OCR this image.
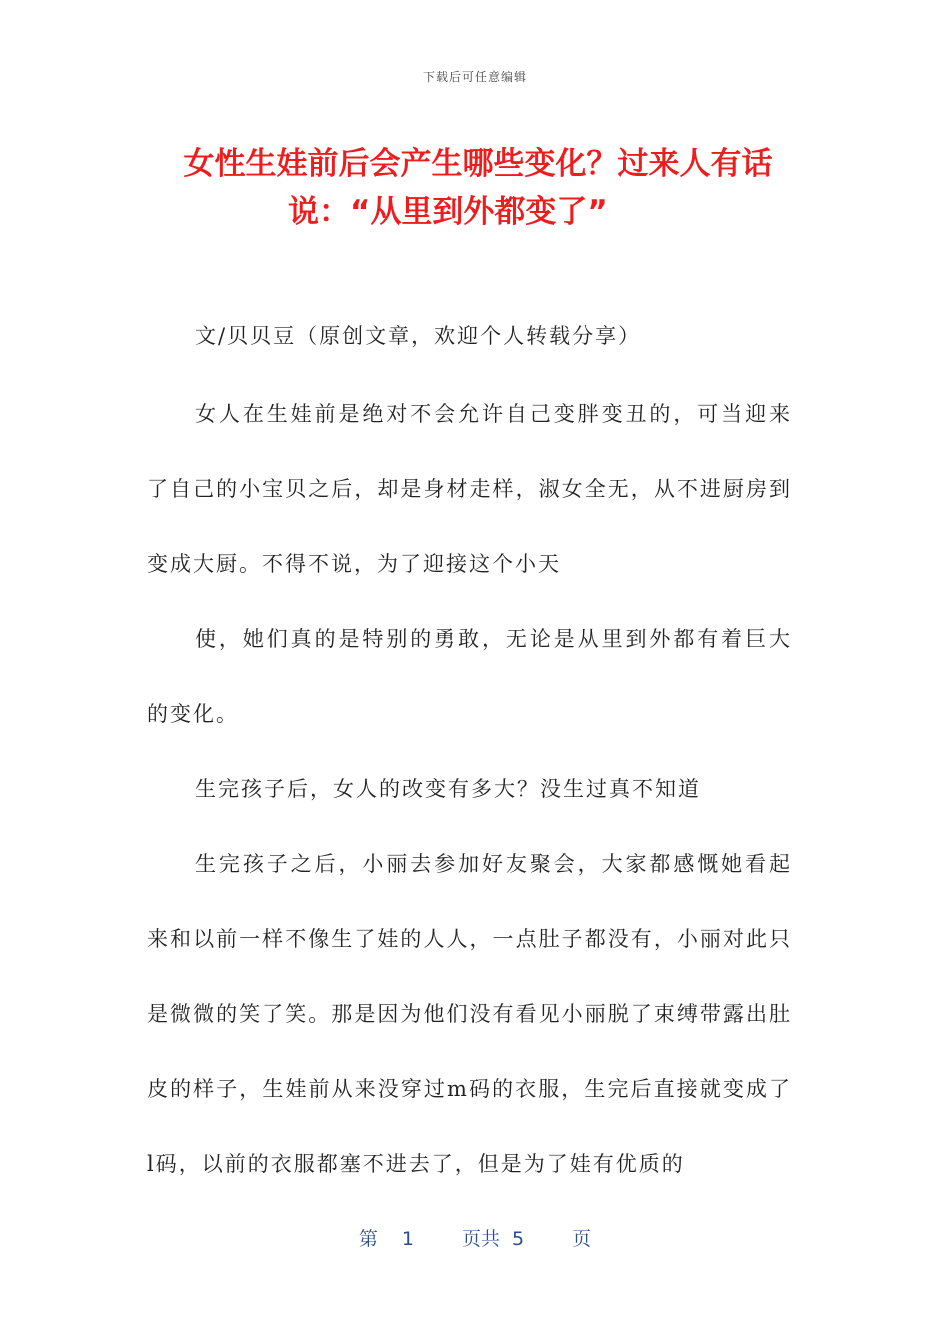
下载后可任意编辑
女性生娃前后会产生哪些变化？过来人有话
说：“从里到外都变了”

文/贝贝豆（原创文章，欢迎个人转载分享）

女人在生娃前是绝对不会允许自己变胖变丑的，可当迎来了自己的小宝贝之后，却是身材走样，淑女全无，从不进厨房到变成大厨。不得不说，为了迎接这个小天

使，她们真的是特别的勇敢，无论是从里到外都有着巨大的变化。

生完孩子后，女人的改变有多大？没生过真不知道

生完孩子之后，小丽去参加好友聚会，大家都感慨她看起来和以前一样不像生了娃的人人，一点肚子都没有，小丽对此只是微微的笑了笑。那是因为他们没有看见小丽脱了束缚带露出肚皮的样子，生娃前从来没穿过m码的衣服，生完后直接就变成了l码，以前的衣服都塞不进去了，但是为了娃有优质的

第 1	页共 5	页
